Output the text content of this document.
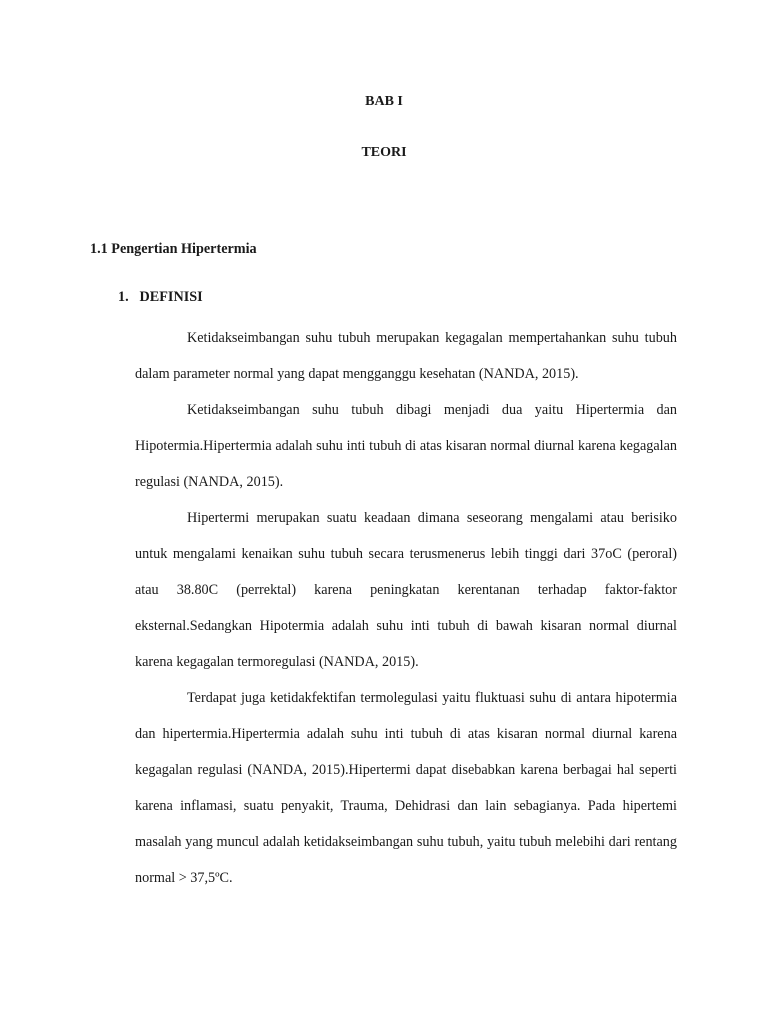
BAB I
TEORI
1.1 Pengertian Hipertermia
1. DEFINISI

Ketidakseimbangan suhu tubuh merupakan kegagalan mempertahankan suhu tubuh dalam parameter normal yang dapat mengganggu kesehatan (NANDA, 2015).

Ketidakseimbangan suhu tubuh dibagi menjadi dua yaitu Hipertermia dan Hipotermia.Hipertermia adalah suhu inti tubuh di atas kisaran normal diurnal karena kegagalan regulasi (NANDA, 2015).

Hipertermi merupakan suatu keadaan dimana seseorang mengalami atau berisiko untuk mengalami kenaikan suhu tubuh secara terusmenerus lebih tinggi dari 37oC (peroral) atau 38.80C (perrektal) karena peningkatan kerentanan terhadap faktor-faktor eksternal.Sedangkan Hipotermia adalah suhu inti tubuh di bawah kisaran normal diurnal karena kegagalan termoregulasi (NANDA, 2015).

Terdapat juga ketidakfektifan termolegulasi yaitu fluktuasi suhu di antara hipotermia dan hipertermia.Hipertermia adalah suhu inti tubuh di atas kisaran normal diurnal karena kegagalan regulasi (NANDA, 2015).Hipertermi dapat disebabkan karena berbagai hal seperti karena inflamasi, suatu penyakit, Trauma, Dehidrasi dan lain sebagianya. Pada hipertemi masalah yang muncul adalah ketidakseimbangan suhu tubuh, yaitu tubuh melebihi dari rentang normal > 37,5ºC.
